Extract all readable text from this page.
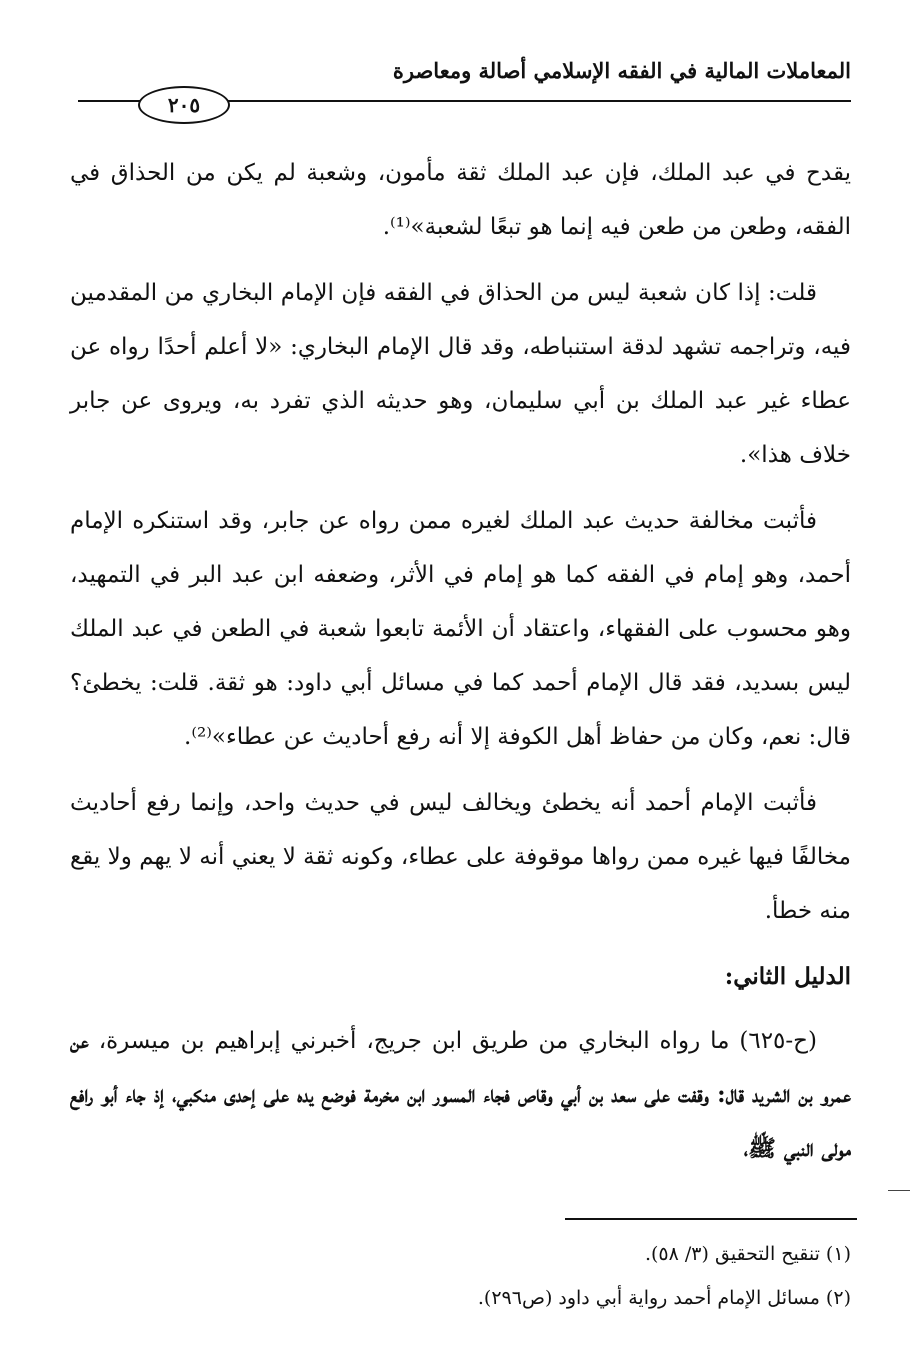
المعاملات المالية في الفقه الإسلامي أصالة ومعاصرة
٢٠٥

يقدح في عبد الملك، فإن عبد الملك ثقة مأمون، وشعبة لم يكن من الحذاق في الفقه، وطعن من طعن فيه إنما هو تبعًا لشعبة»⁽¹⁾.

قلت: إذا كان شعبة ليس من الحذاق في الفقه فإن الإمام البخاري من المقدمين فيه، وتراجمه تشهد لدقة استنباطه، وقد قال الإمام البخاري: «لا أعلم أحدًا رواه عن عطاء غير عبد الملك بن أبي سليمان، وهو حديثه الذي تفرد به، ويروى عن جابر خلاف هذا».

فأثبت مخالفة حديث عبد الملك لغيره ممن رواه عن جابر، وقد استنكره الإمام أحمد، وهو إمام في الفقه كما هو إمام في الأثر، وضعفه ابن عبد البر في التمهيد، وهو محسوب على الفقهاء، واعتقاد أن الأئمة تابعوا شعبة في الطعن في عبد الملك ليس بسديد، فقد قال الإمام أحمد كما في مسائل أبي داود: هو ثقة. قلت: يخطئ؟ قال: نعم، وكان من حفاظ أهل الكوفة إلا أنه رفع أحاديث عن عطاء»⁽²⁾.

فأثبت الإمام أحمد أنه يخطئ ويخالف ليس في حديث واحد، وإنما رفع أحاديث مخالفًا فيها غيره ممن رواها موقوفة على عطاء، وكونه ثقة لا يعني أنه لا يهم ولا يقع منه خطأ.

الدليل الثاني:

(ح-٦٢٥) ما رواه البخاري من طريق ابن جريج، أخبرني إبراهيم بن ميسرة، عن عمرو بن الشريد قال: وقفت على سعد بن أبي وقاص فجاء المسور ابن مخرمة فوضع يده على إحدى منكبي، إذ جاء أبو رافع مولى النبي ﷺ،

(١) تنقيح التحقيق (٣/ ٥٨).
(٢) مسائل الإمام أحمد رواية أبي داود (ص٢٩٦).
